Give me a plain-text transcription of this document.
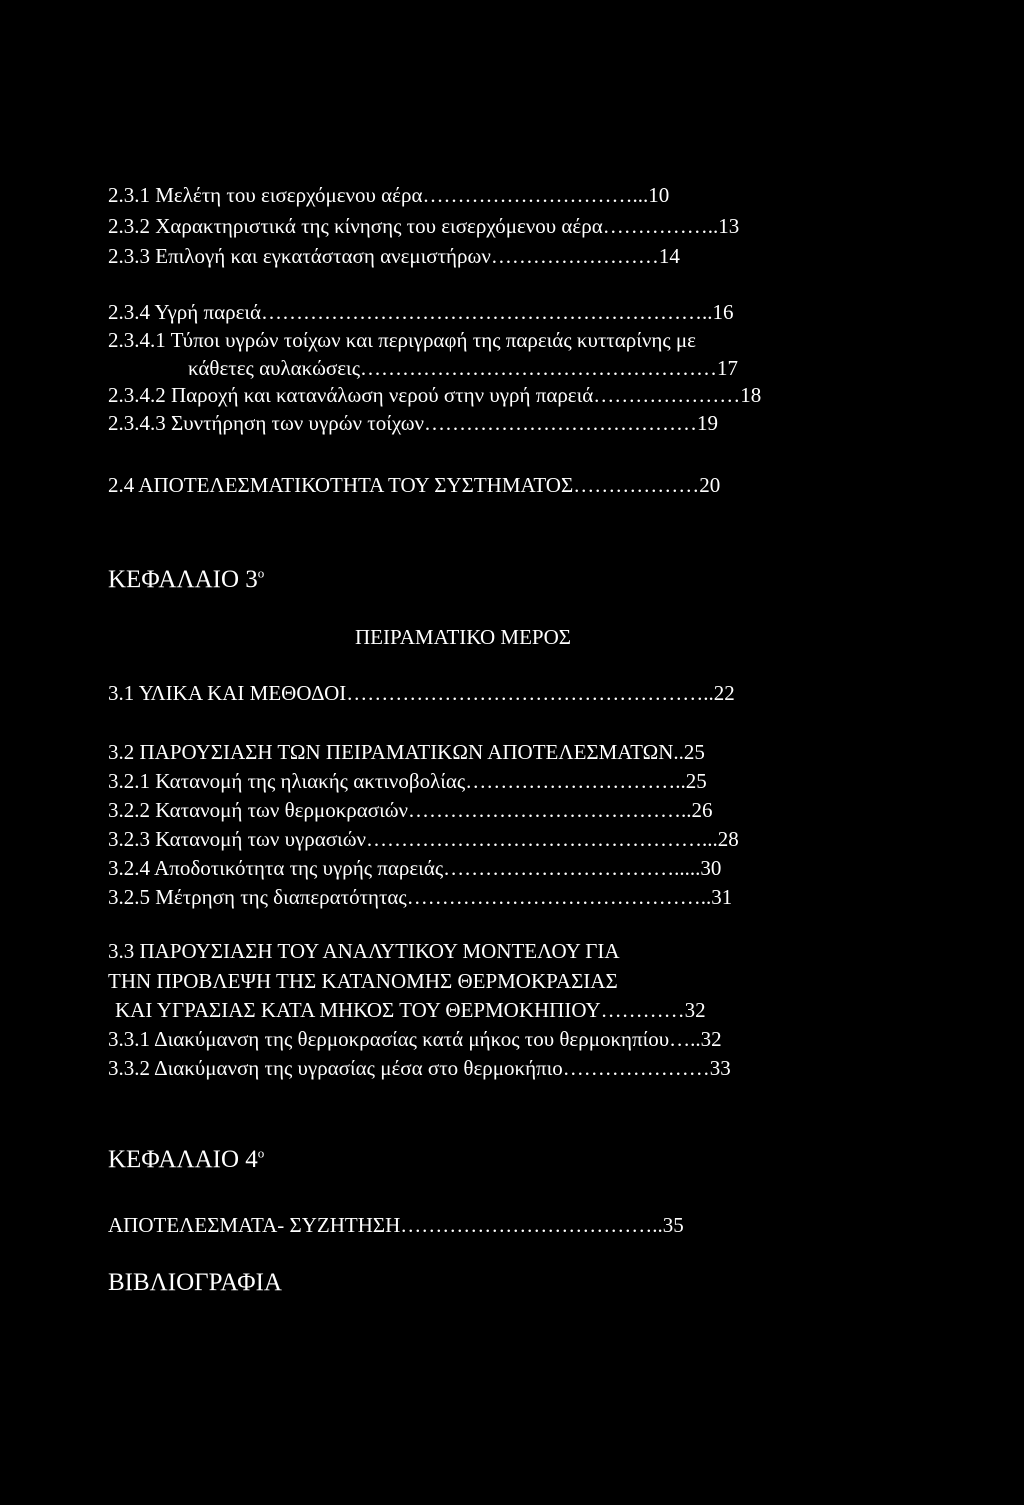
2.3.1 Μελέτη του εισερχόμενου αέρα…………………………...10
2.3.2 Χαρακτηριστικά της κίνησης του εισερχόμενου αέρα……………..13
2.3.3 Επιλογή και εγκατάσταση ανεμιστήρων……………………14
2.3.4 Υγρή παρειά………………………………………………………..16
2.3.4.1 Τύποι υγρών τοίχων και περιγραφή της παρειάς κυτταρίνης με
κάθετες αυλακώσεις……………………………………………17
2.3.4.2 Παροχή και κατανάλωση νερού στην υγρή παρειά…………………18
2.3.4.3 Συντήρηση των υγρών τοίχων…………………………………19
2.4 ΑΠΟΤΕΛΕΣΜΑΤΙΚΟΤΗΤΑ ΤΟΥ ΣΥΣΤΗΜΑΤΟΣ………………20
ΚΕΦΑΛΑΙΟ $3^o$
ΠΕΙΡΑΜΑΤΙΚΟ ΜΕΡΟΣ
3.1 ΥΛΙΚΑ ΚΑΙ ΜΕΘΟΔΟΙ……………………………………………..22
3.2 ΠΑΡΟΥΣΙΑΣΗ ΤΩΝ ΠΕΙΡΑΜΑΤΙΚΩΝ ΑΠΟΤΕΛΕΣΜΑΤΩΝ..25
3.2.1 Κατανομή της ηλιακής ακτινοβολίας…………………………..25
3.2.2 Κατανομή των θερμοκρασιών…………………………………..26
3.2.3 Κατανομή των υγρασιών…………………………………………...28
3.2.4 Αποδοτικότητα της υγρής παρειάς…………………………….....30
3.2.5 Μέτρηση της διαπερατότητας……………………………………..31
3.3 ΠΑΡΟΥΣΙΑΣΗ ΤΟΥ ΑΝΑΛΥΤΙΚΟΥ ΜΟΝΤΕΛΟΥ ΓΙΑ
ΤΗΝ ΠΡΟΒΛΕΨΗ ΤΗΣ ΚΑΤΑΝΟΜΗΣ ΘΕΡΜΟΚΡΑΣΙΑΣ
ΚΑΙ ΥΓΡΑΣΙΑΣ ΚΑΤΑ ΜΗΚΟΣ ΤΟΥ ΘΕΡΜΟΚΗΠΙΟΥ…………32
3.3.1 Διακύμανση της θερμοκρασίας κατά μήκος του θερμοκηπίου…..32
3.3.2 Διακύμανση της υγρασίας μέσα στο θερμοκήπιο…………………33
ΚΕΦΑΛΑΙΟ $4^o$
ΑΠΟΤΕΛΕΣΜΑΤΑ- ΣΥΖΗΤΗΣΗ………………………………..35
ΒΙΒΛΙΟΓΡΑΦΙΑ
